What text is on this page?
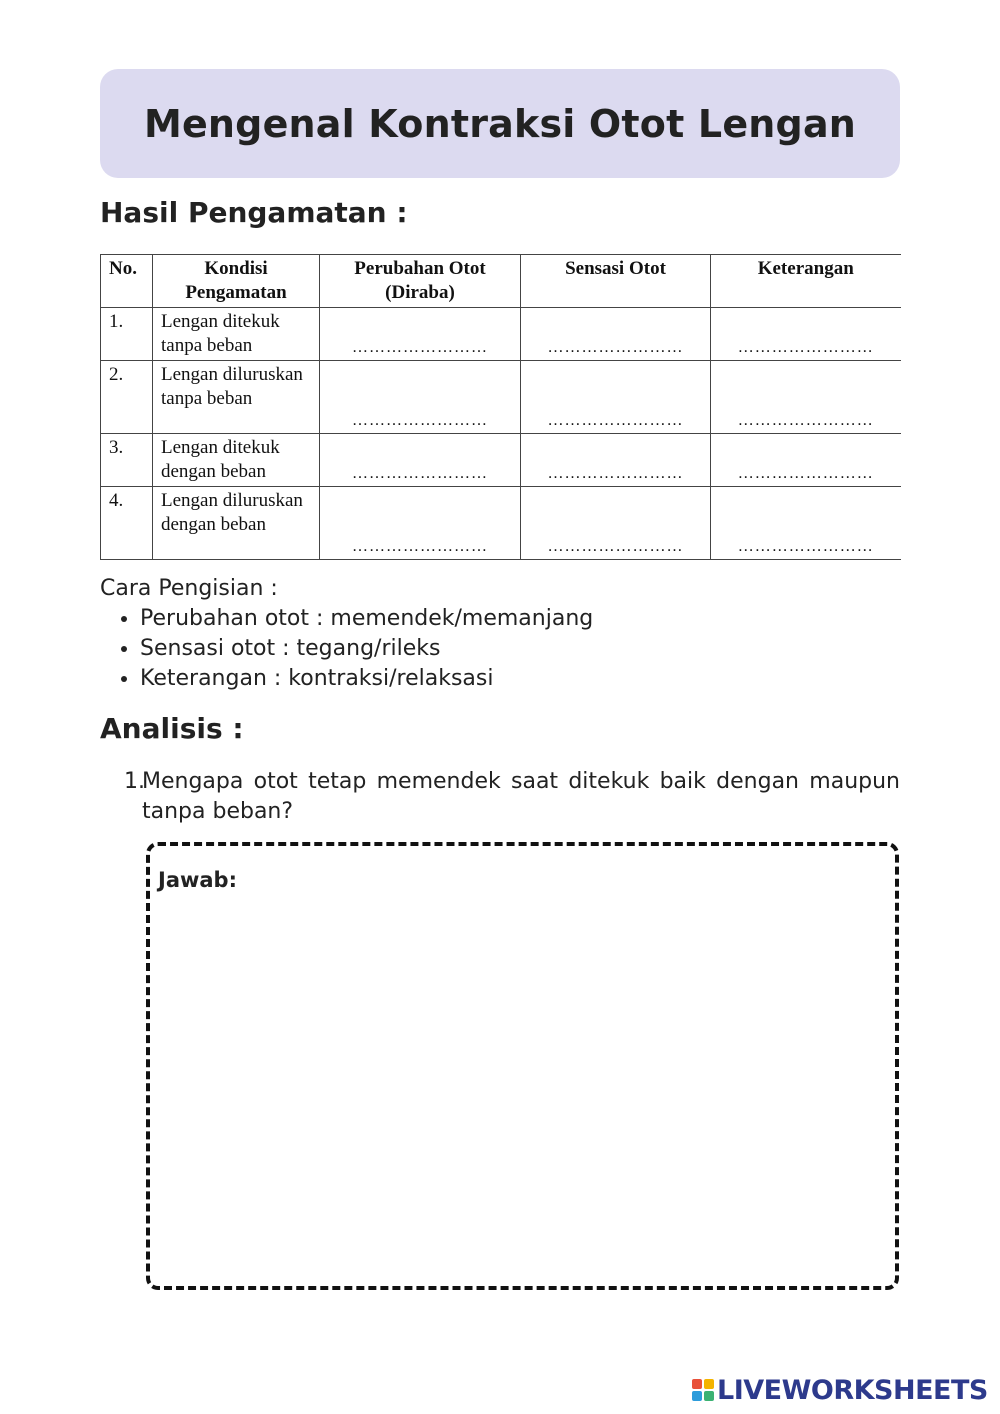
Mengenal Kontraksi Otot Lengan
Hasil Pengamatan :
No.	Kondisi Pengamatan	Perubahan Otot (Diraba)	Sensasi Otot	Keterangan
1.	Lengan ditekuk tanpa beban	……………………	……………………	……………………
2.	Lengan diluruskan tanpa beban	……………………	……………………	……………………
3.	Lengan ditekuk dengan beban	……………………	……………………	……………………
4.	Lengan diluruskan dengan beban	……………………	……………………	……………………
Cara Pengisian :
• Perubahan otot : memendek/memanjang
• Sensasi otot : tegang/rileks
• Keterangan : kontraksi/relaksasi
Analisis :
1.
Mengapa otot tetap memendek saat ditekuk baik dengan maupun tanpa beban?
Jawab:
LIVEWORKSHEETS
